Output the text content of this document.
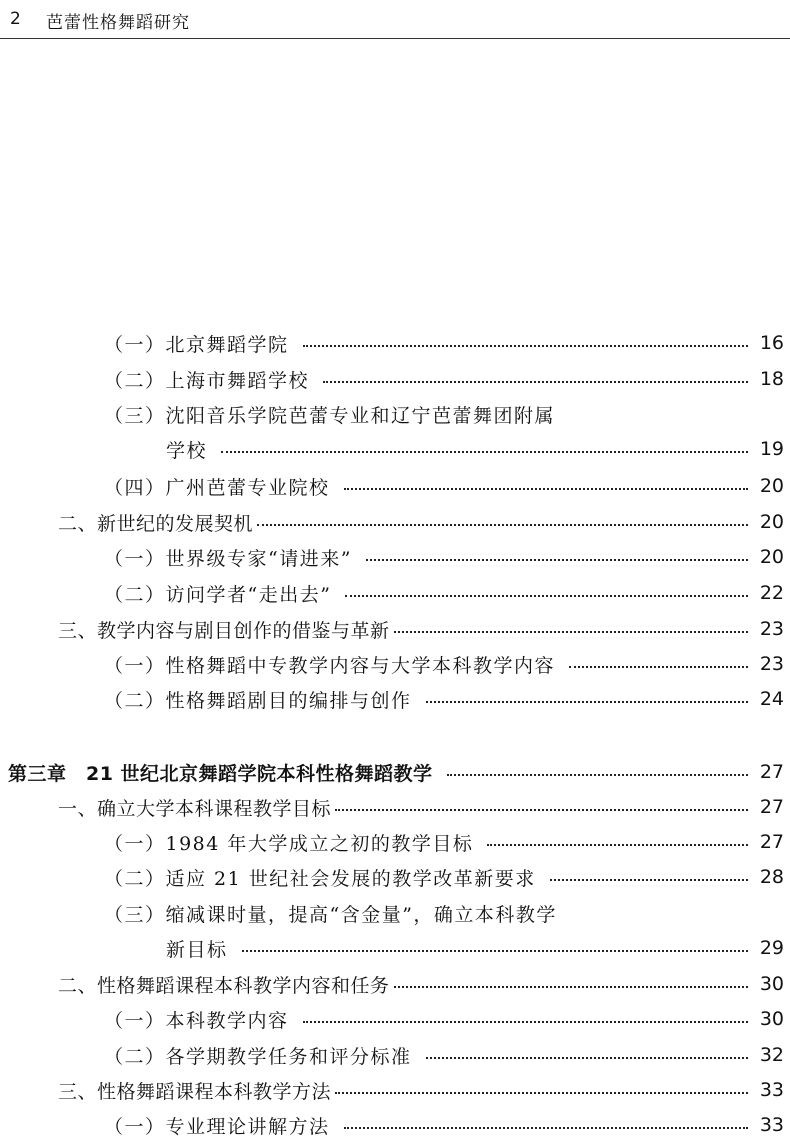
2 芭蕾性格舞蹈研究
（一）北京舞蹈学院	16
（二）上海市舞蹈学校	18
（三）沈阳音乐学院芭蕾专业和辽宁芭蕾舞团附属
学校	19
（四）广州芭蕾专业院校	20
二、新世纪的发展契机	20
（一）世界级专家“请进来”	20
（二）访问学者“走出去”	22
三、教学内容与剧目创作的借鉴与革新	23
（一）性格舞蹈中专教学内容与大学本科教学内容	23
（二）性格舞蹈剧目的编排与创作	24
第三章　21 世纪北京舞蹈学院本科性格舞蹈教学	27
一、确立大学本科课程教学目标	27
（一）1984 年大学成立之初的教学目标	27
（二）适应 21 世纪社会发展的教学改革新要求	28
（三）缩减课时量，提高“含金量”，确立本科教学
新目标	29
二、性格舞蹈课程本科教学内容和任务	30
（一）本科教学内容	30
（二）各学期教学任务和评分标准	32
三、性格舞蹈课程本科教学方法	33
（一）专业理论讲解方法	33
